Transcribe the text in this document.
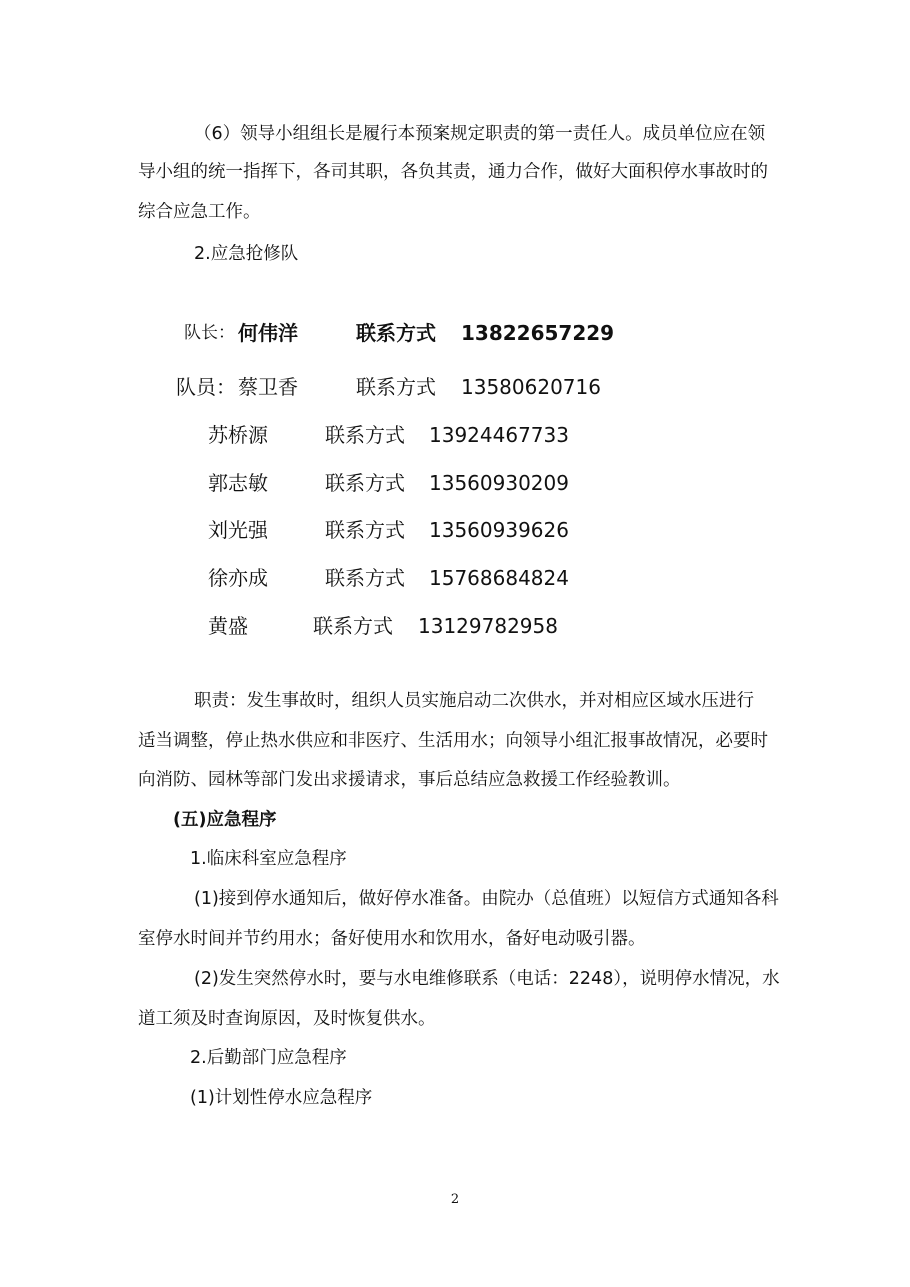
（6）领导小组组长是履行本预案规定职责的第一责任人。成员单位应在领
导小组的统一指挥下，各司其职，各负其责，通力合作，做好大面积停水事故时的
综合应急工作。
2.应急抢修队
队长： 何伟洋	联系方式 13822657229
队员： 蔡卫香	联系方式 13580620716
苏桥源	联系方式 13924467733
郭志敏	联系方式 13560930209
刘光强	联系方式 13560939626
徐亦成	联系方式 15768684824
黄盛	联系方式 13129782958
职责：发生事故时，组织人员实施启动二次供水，并对相应区域水压进行
适当调整，停止热水供应和非医疗、生活用水；向领导小组汇报事故情况，必要时
向消防、园林等部门发出求援请求，事后总结应急救援工作经验教训。
(五)应急程序
1.临床科室应急程序
(1)接到停水通知后，做好停水准备。由院办（总值班）以短信方式通知各科
室停水时间并节约用水；备好使用水和饮用水，备好电动吸引器。
(2)发生突然停水时，要与水电维修联系（电话：2248），说明停水情况，水
道工须及时查询原因，及时恢复供水。
2.后勤部门应急程序
(1)计划性停水应急程序
2
